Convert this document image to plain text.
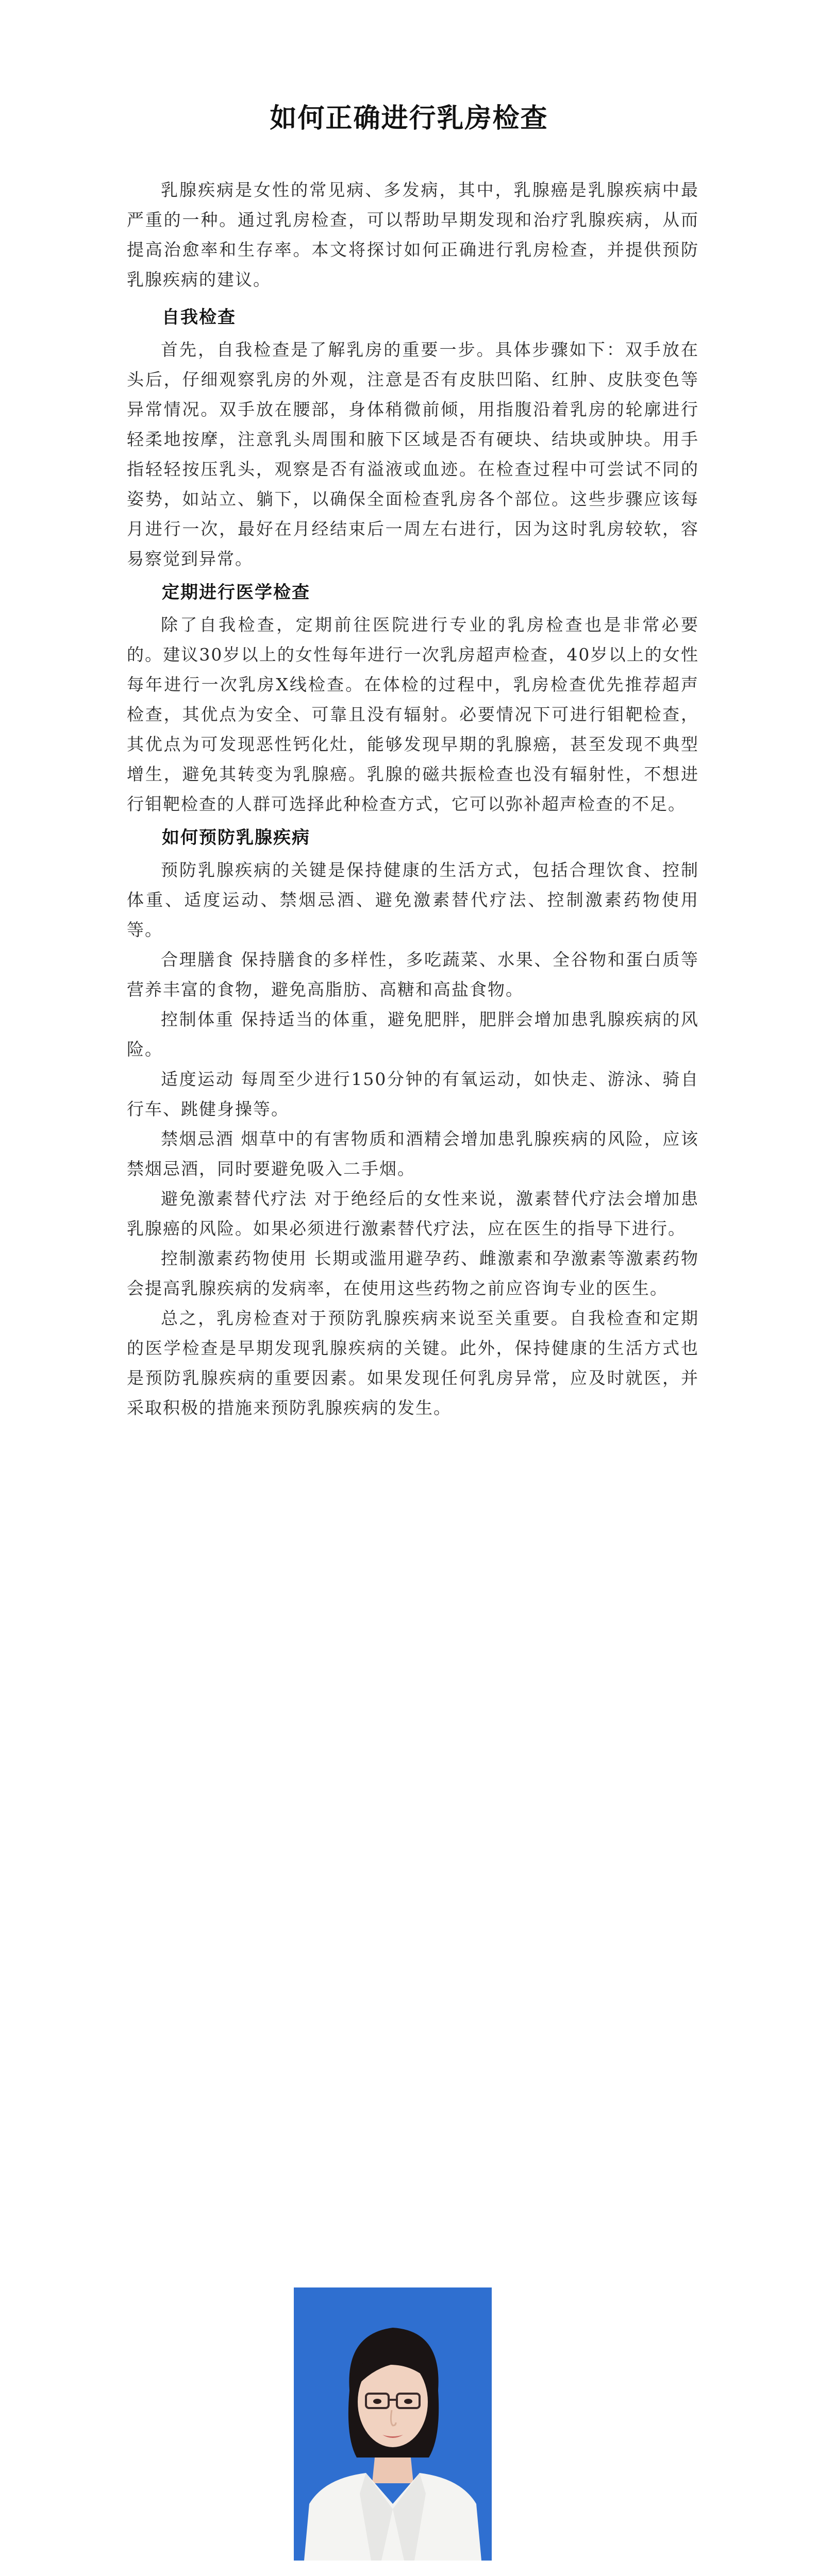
如何正确进行乳房检查

乳腺疾病是女性的常见病、多发病，其中，乳腺癌是乳腺疾病中最严重的一种。通过乳房检查，可以帮助早期发现和治疗乳腺疾病，从而提高治愈率和生存率。本文将探讨如何正确进行乳房检查，并提供预防乳腺疾病的建议。

自我检查

首先，自我检查是了解乳房的重要一步。具体步骤如下：双手放在头后，仔细观察乳房的外观，注意是否有皮肤凹陷、红肿、皮肤变色等异常情况。双手放在腰部，身体稍微前倾，用指腹沿着乳房的轮廓进行轻柔地按摩，注意乳头周围和腋下区域是否有硬块、结块或肿块。用手指轻轻按压乳头，观察是否有溢液或血迹。在检查过程中可尝试不同的姿势，如站立、躺下，以确保全面检查乳房各个部位。这些步骤应该每月进行一次，最好在月经结束后一周左右进行，因为这时乳房较软，容易察觉到异常。

定期进行医学检查

除了自我检查，定期前往医院进行专业的乳房检查也是非常必要的。建议30岁以上的女性每年进行一次乳房超声检查，40岁以上的女性每年进行一次乳房X线检查。在体检的过程中，乳房检查优先推荐超声检查，其优点为安全、可靠且没有辐射。必要情况下可进行钼靶检查，其优点为可发现恶性钙化灶，能够发现早期的乳腺癌，甚至发现不典型增生，避免其转变为乳腺癌。乳腺的磁共振检查也没有辐射性，不想进行钼靶检查的人群可选择此种检查方式，它可以弥补超声检查的不足。

如何预防乳腺疾病

预防乳腺疾病的关键是保持健康的生活方式，包括合理饮食、控制体重、适度运动、禁烟忌酒、避免激素替代疗法、控制激素药物使用等。

合理膳食 保持膳食的多样性，多吃蔬菜、水果、全谷物和蛋白质等营养丰富的食物，避免高脂肪、高糖和高盐食物。

控制体重 保持适当的体重，避免肥胖，肥胖会增加患乳腺疾病的风险。

适度运动 每周至少进行150分钟的有氧运动，如快走、游泳、骑自行车、跳健身操等。

禁烟忌酒 烟草中的有害物质和酒精会增加患乳腺疾病的风险，应该禁烟忌酒，同时要避免吸入二手烟。

避免激素替代疗法 对于绝经后的女性来说，激素替代疗法会增加患乳腺癌的风险。如果必须进行激素替代疗法，应在医生的指导下进行。

控制激素药物使用 长期或滥用避孕药、雌激素和孕激素等激素药物会提高乳腺疾病的发病率，在使用这些药物之前应咨询专业的医生。

总之，乳房检查对于预防乳腺疾病来说至关重要。自我检查和定期的医学检查是早期发现乳腺疾病的关键。此外，保持健康的生活方式也是预防乳腺疾病的重要因素。如果发现任何乳房异常，应及时就医，并采取积极的措施来预防乳腺疾病的发生。
